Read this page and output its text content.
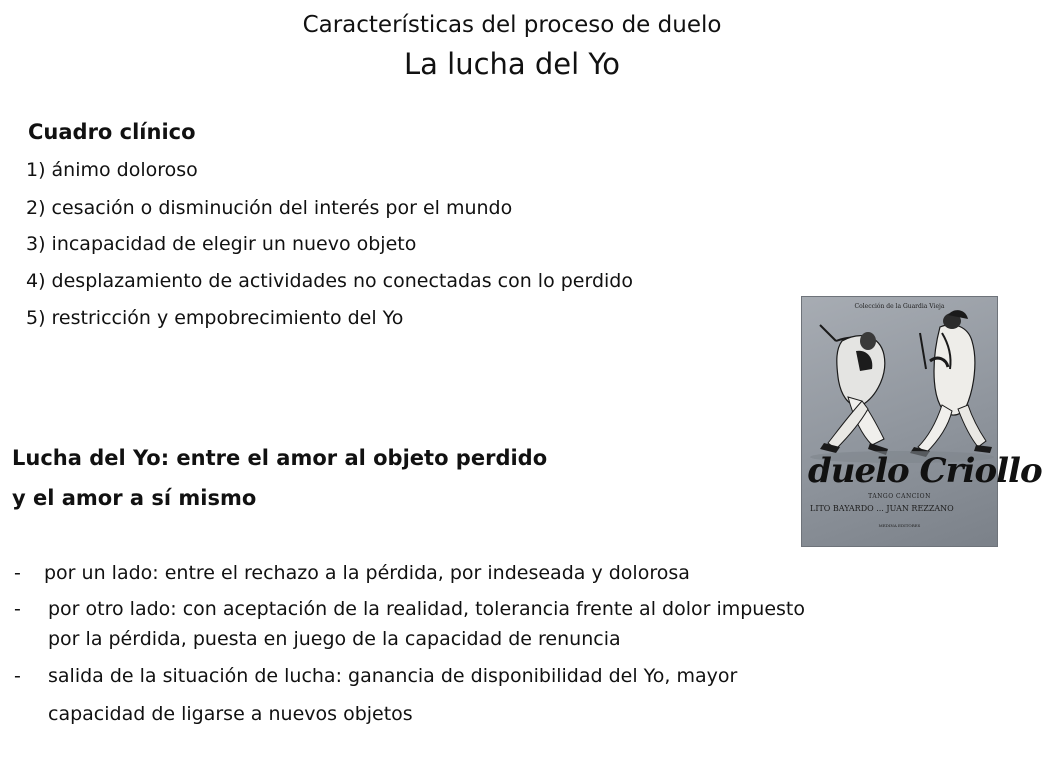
Características del proceso de duelo
La lucha del Yo
Cuadro clínico
1) ánimo doloroso
2) cesación o disminución del interés por el mundo
3) incapacidad de elegir un nuevo objeto
4) desplazamiento de actividades no conectadas con lo perdido
5) restricción y empobrecimiento del Yo
Lucha del Yo: entre el amor al objeto perdido
y el amor a sí mismo
- por un lado: entre el rechazo a la pérdida, por indeseada y dolorosa
- por otro lado: con aceptación de la realidad, tolerancia frente al dolor impuesto
por la pérdida, puesta en juego de la capacidad de renuncia
- salida de la situación de lucha: ganancia de disponibilidad del Yo, mayor
capacidad de ligarse a nuevos objetos
Colección de la Guardia Vieja
duelo Criollo
TANGO CANCION
LITO BAYARDO ... JUAN REZZANO
MEDINA EDITORES
